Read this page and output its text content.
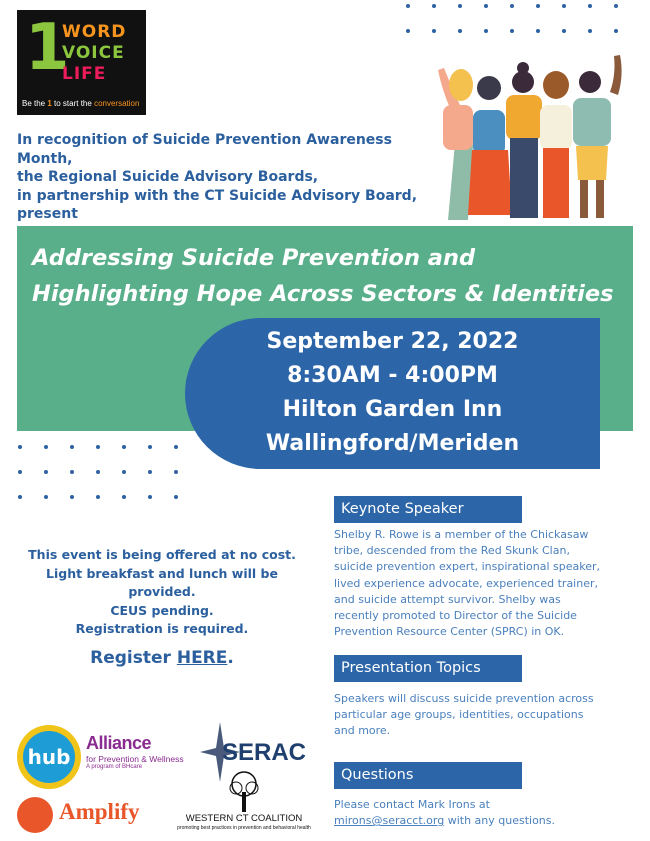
1
WORD
VOICE
LIFE
Be the 1 to start the conversation
In recognition of Suicide Prevention Awareness Month,
the Regional Suicide Advisory Boards,
in partnership with the CT Suicide Advisory Board,
present
Addressing Suicide Prevention and
Highlighting Hope Across Sectors & Identities
September 22, 2022
8:30AM - 4:00PM
Hilton Garden Inn
Wallingford/Meriden
This event is being offered at no cost.
Light breakfast and lunch will be provided.
CEUS pending.
Registration is required.
Register HERE.
Keynote Speaker
Shelby R. Rowe is a member of the Chickasaw
tribe, descended from the Red Skunk Clan,
suicide prevention expert, inspirational speaker,
lived experience advocate, experienced trainer,
and suicide attempt survivor. Shelby was
recently promoted to Director of the Suicide
Prevention Resource Center (SPRC) in OK.
Presentation Topics
Speakers will discuss suicide prevention across
particular age groups, identities, occupations
and more.
Questions
Please contact Mark Irons at
mirons@seracct.org with any questions.
hub
Alliance
for Prevention & Wellness
A program of BHcare
SERAC
Amplify	WESTERN CT COALITION
promoting best practices in prevention and behavioral health
